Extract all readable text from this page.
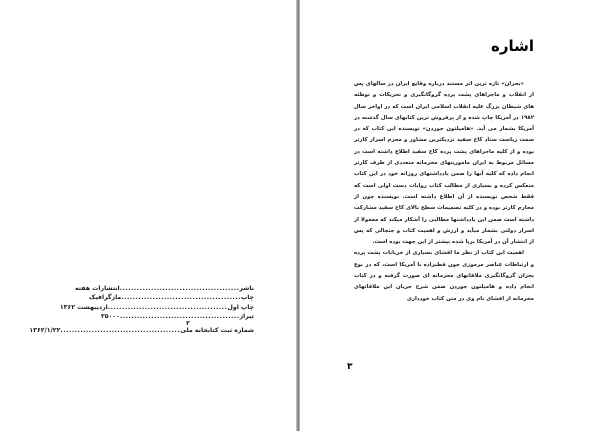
ناشر
..........................................
انتشارات هفته
چاپ
..........................................
مازگرافیک
چاپ اول
..........................................
اردیبهشت ۱۳۶۲
تیراژ
..........................................
۲۵۰۰۰
۲
شماره ثبت کتابخانه ملی
..........................................
۱۳۶۲/۱/۲۲
اشاره

«بحران» تازه ترین اثر مستند درباره وقایع ایران در سالهای پس از انقلاب و ماجراهای پشت پرده گروگانگیری و تحریکات و توطئه های شیطان بزرگ علیه انقلاب اسلامی ایران است که در اواخر سال ۱۹۸۲ در آمریکا چاپ شده و از پرفروش ترین کتابهای سال گذشته در آمریکا بشمار می آید. «هامیلتون جوردن» نویسنده این کتاب که در سمت ریاست ستاد کاخ سفید نزدیکترین مشاور و محرم اسرار کارتر بوده و از کلیه ماجراهای پشت پرده کاخ سفید اطلاع داشته است در مسائل مربوط به ایران ماموریتهای محرمانه متعددی از طرف کارتر انجام داده که کلیه آنها را ضمن یادداشتهای روزانه خود در این کتاب منعکس کرده و بسیاری از مطالب کتاب روایات دست اولی است که فقط شخص نویسنده از آن اطلاع داشته است. نویسنده چون از محارم کارتر بوده و در کلیه تصمیمات سطح بالای کاخ سفید مشارکت داشته است ضمن این یادداشتها مطالبی را آشکار میکند که معمولا از اسرار دولتی بشمار میآید و ارزش و اهمیت کتاب و جنجالی که پس از انتشار آن در آمریکا برپا شده بیشتر از این جهت بوده است.

اهمیت این کتاب از نظر ما افشای بسیاری از جریانات پشت پرده و ارتباطات عناصر مرموزی چون قطبزاده با آمریکا است، که در نوع بحران گروگانگیری ملاقاتهای محرمانه ای صورت گرفته و در کتاب انجام داده و هامیلتون جوردن ضمن شرح جریان این ملاقاتهای محرمانه از افشای نام وی در متن کتاب خودداری

۳
